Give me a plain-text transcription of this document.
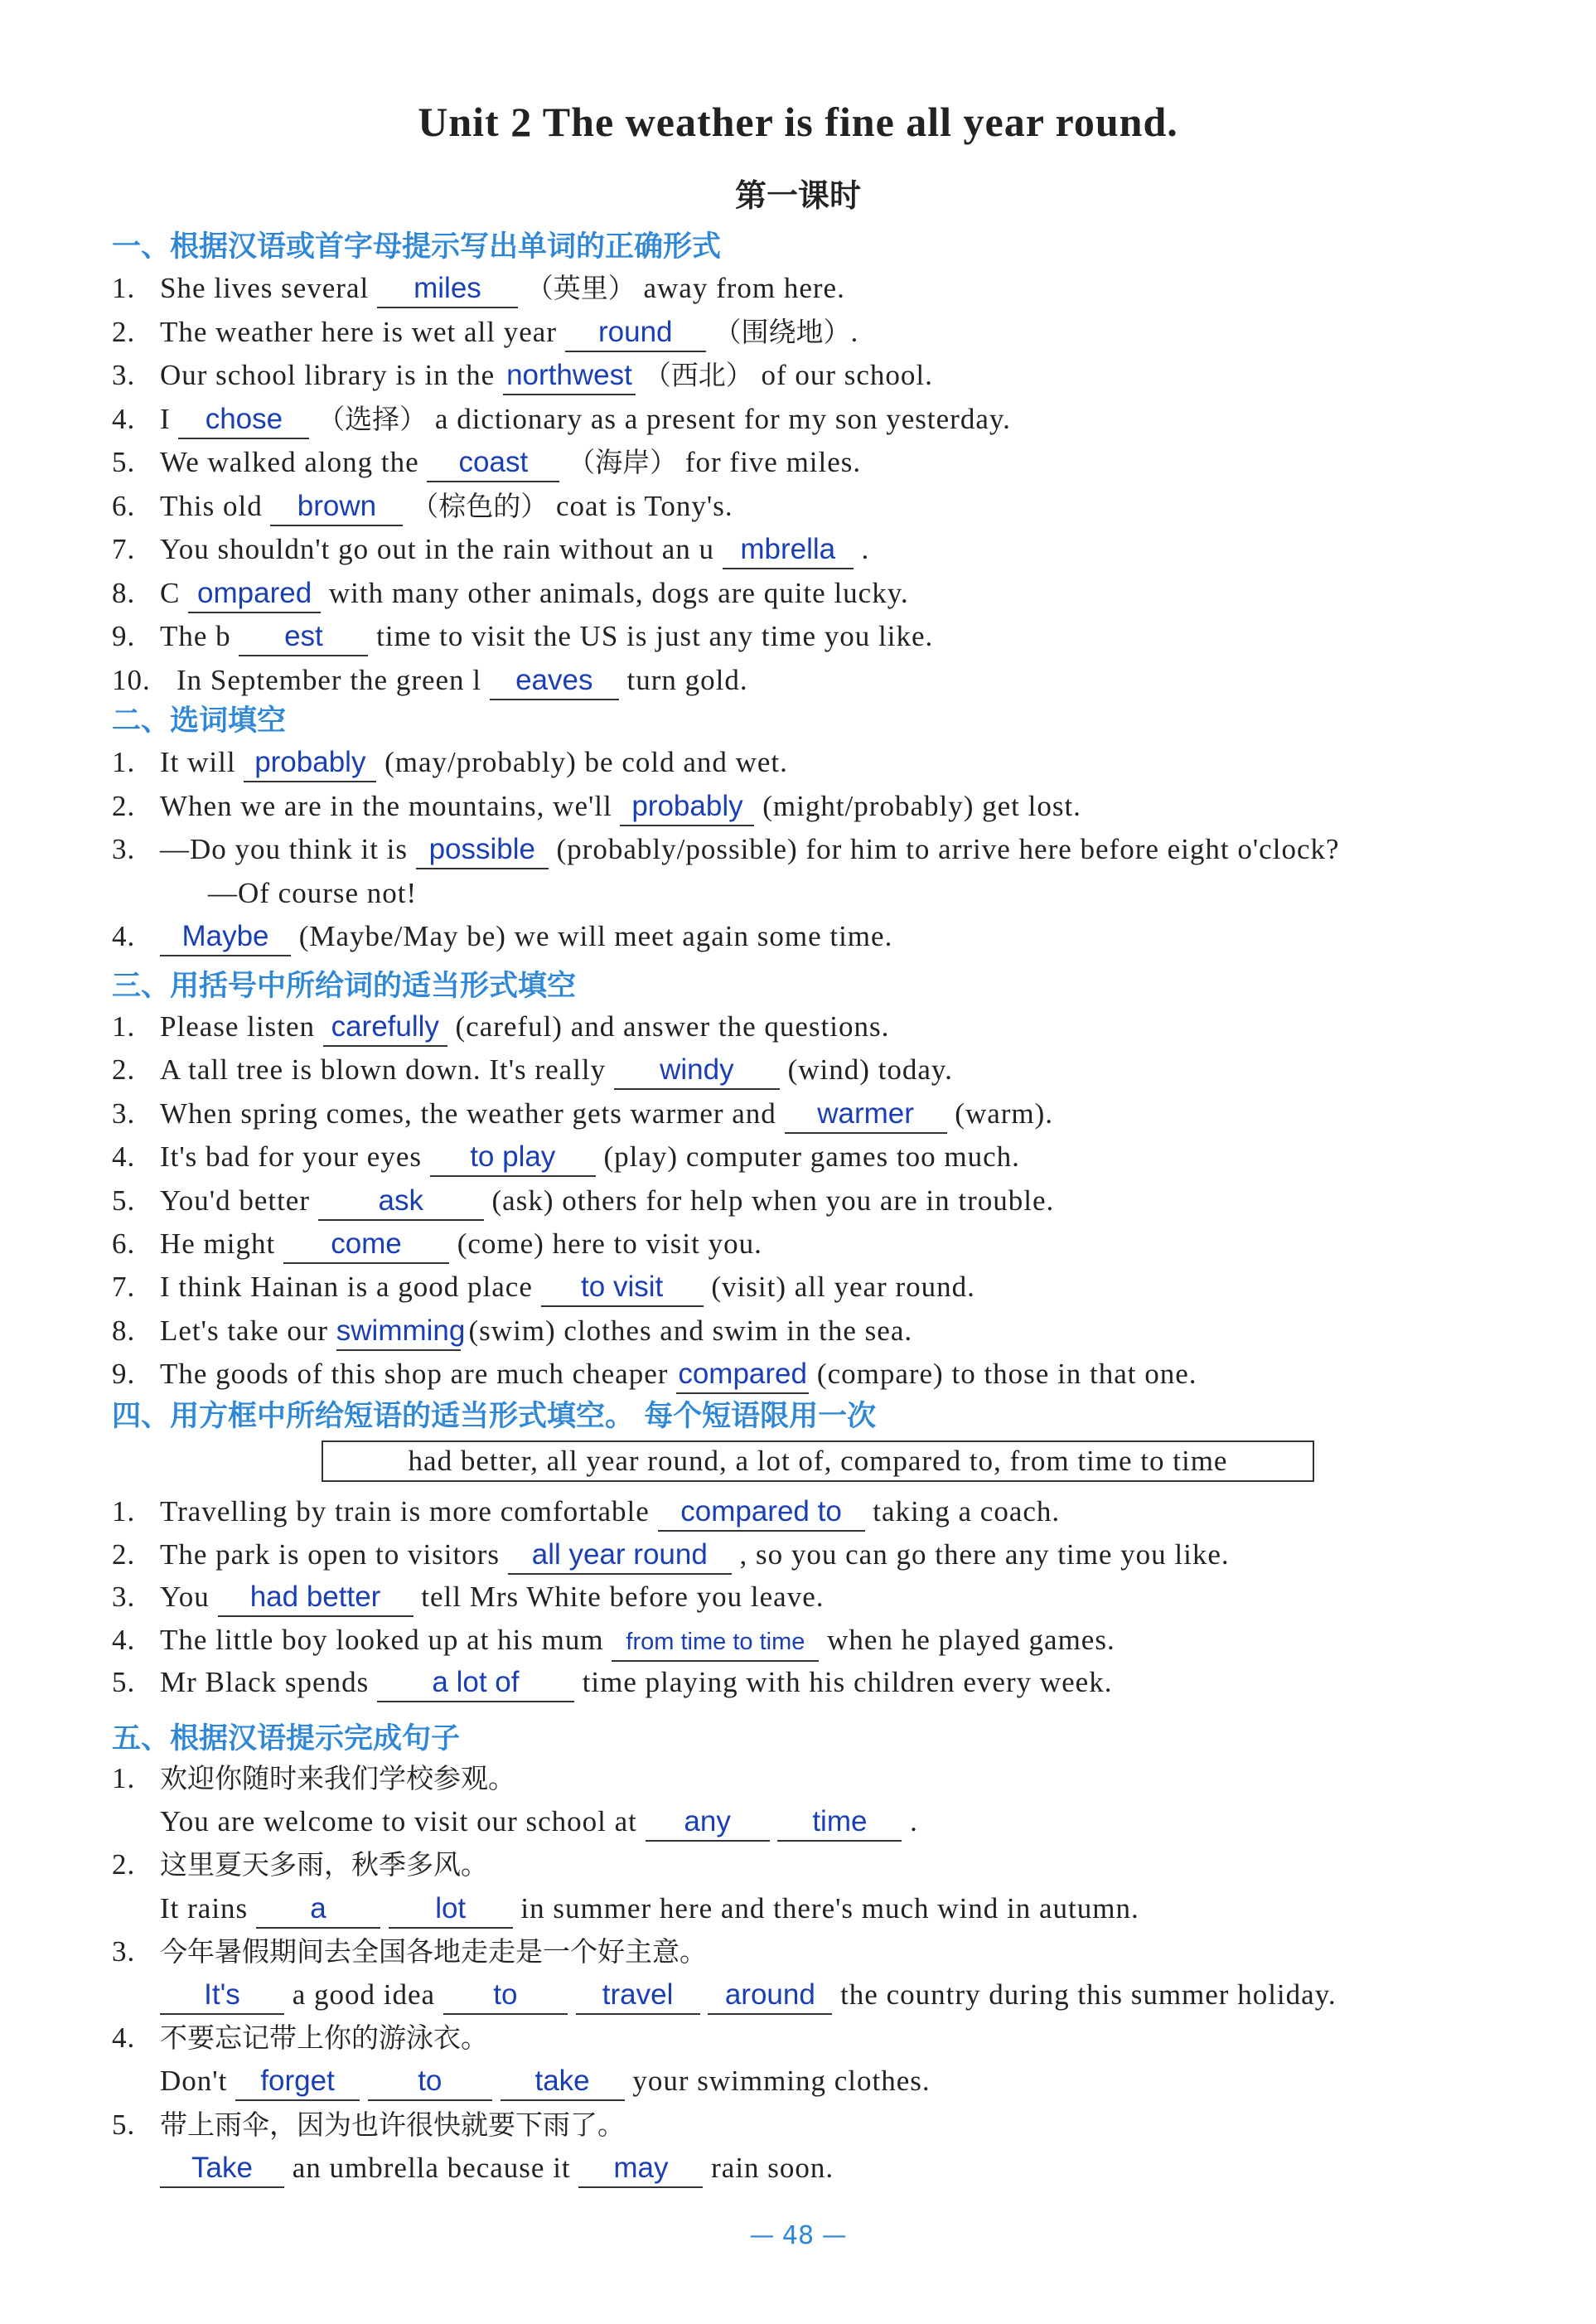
Unit 2 The weather is fine all year round.
第一课时
一、根据汉语或首字母提示写出单词的正确形式
1. She lives several miles （英里） away from here.
2. The weather here is wet all year round （围绕地）.
3. Our school library is in the northwest （西北） of our school.
4. I chose （选择） a dictionary as a present for my son yesterday.
5. We walked along the coast （海岸） for five miles.
6. This old brown （棕色的） coat is Tony's.
7. You shouldn't go out in the rain without an u mbrella .
8. C ompared with many other animals, dogs are quite lucky.
9. The b est time to visit the US is just any time you like.
10. In September the green l eaves turn gold.
二、选词填空
1. It will probably (may/probably) be cold and wet.
2. When we are in the mountains, we'll probably (might/probably) get lost.
3. —Do you think it is possible (probably/possible) for him to arrive here before eight o'clock?
—Of course not!
4. Maybe (Maybe/May be) we will meet again some time.
三、用括号中所给词的适当形式填空
1. Please listen carefully (careful) and answer the questions.
2. A tall tree is blown down. It's really windy (wind) today.
3. When spring comes, the weather gets warmer and warmer (warm).
4. It's bad for your eyes to play (play) computer games too much.
5. You'd better ask (ask) others for help when you are in trouble.
6. He might come (come) here to visit you.
7. I think Hainan is a good place to visit (visit) all year round.
8. Let's take our swimming (swim) clothes and swim in the sea.
9. The goods of this shop are much cheaper compared (compare) to those in that one.
四、用方框中所给短语的适当形式填空。 每个短语限用一次
had better, all year round, a lot of, compared to, from time to time
1. Travelling by train is more comfortable compared to taking a coach.
2. The park is open to visitors all year round , so you can go there any time you like.
3. You had better tell Mrs White before you leave.
4. The little boy looked up at his mum from time to time when he played games.
5. Mr Black spends a lot of time playing with his children every week.
五、根据汉语提示完成句子
1. 欢迎你随时来我们学校参观。
You are welcome to visit our school at any	time .
2. 这里夏天多雨，秋季多风。
It rains a	lot in summer here and there's much wind in autumn.
3. 今年暑假期间去全国各地走走是一个好主意。
It's a good idea to	travel around the country during this summer holiday.
4. 不要忘记带上你的游泳衣。
Don't forget	to	take your swimming clothes.
5. 带上雨伞，因为也许很快就要下雨了。
Take an umbrella because it may rain soon.
— 48 —
